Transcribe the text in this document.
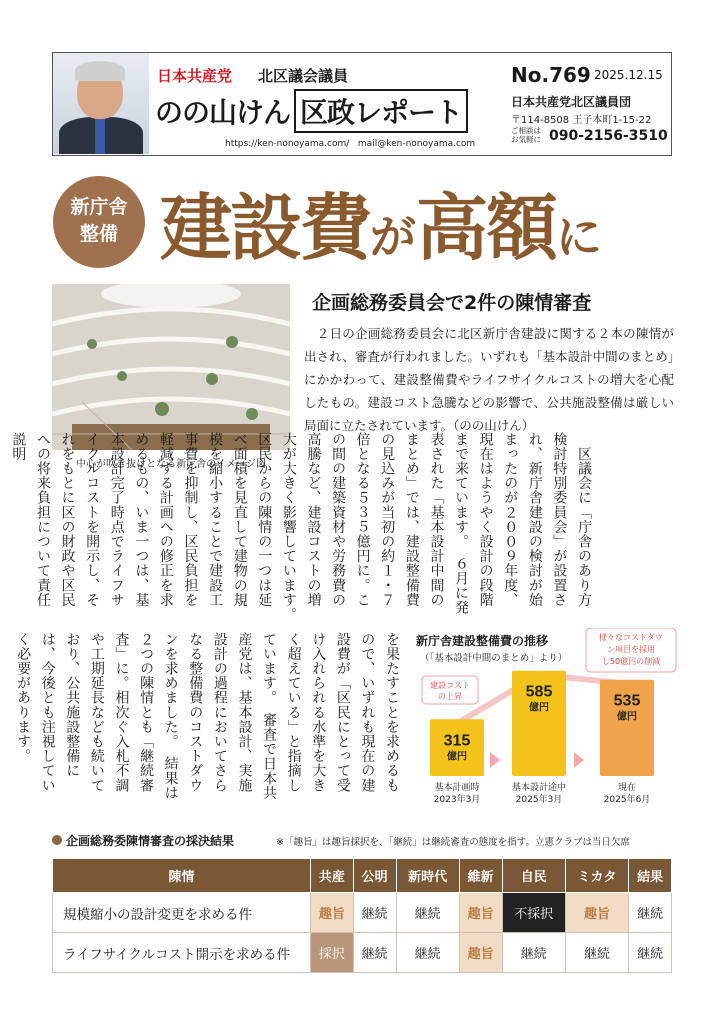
日本共産党 北区議会議員
のの山けん 区政レポート
https://ken-nonoyama.com/ mail@ken-nonoyama.com
No.769 2025.12.15
日本共産党北区議員団
〒114-8508 王子本町1-15-22
ご相談は お気軽に 090-2156-3510
新庁舎
整備 建設費が高額に
中心が吹き抜けとなる新庁舎のイメージ図
企画総務委員会で2件の陳情審査
　２日の企画総務委員会に北区新庁舎建設に関する２本の陳情が出され、審査が行われました。いずれも「基本設計中間のまとめ」にかかわって、建設整備費やライフサイクルコストの増大を心配したもの。建設コスト急騰などの影響で、公共施設整備は厳しい局面に立たされています。（のの山けん）
　区議会に「庁舎のあり方検討特別委員会」が設置され、新庁舎建設の検討が始まったのが２００９年度、現在はようやく設計の段階まで来ています。　６月に発表された「基本設計中間のまとめ」では、建設整備費の見込みが当初の約１・７倍となる５３５億円に。この間の建築資材や労務費の高騰など、建設コストの増大が大きく影響しています。　区民からの陳情の一つは延べ面積を見直して建物の規模を縮小することで建設工事費を抑制し、区民負担を軽減する計画への修正を求めるもの、いま一つは、基本設計完了時点でライフサイクルコストを開示し、それをもとに区の財政や区民への将来負担について責任説明
を果たすことを求めるもので、いずれも現在の建設費が「区民にとって受け入れられる水準を大きく超えている」と指摘しています。　審査で日本共産党は、基本設計、実施設計の過程においてさらなる整備費のコストダウンを求めました。　結果は２つの陳情とも「継続審査」に。相次ぐ入札不調や工期延長なども続いており、公共施設整備には、今後とも注視していく必要があります。	新庁舎建設整備費の推移
（「基本設計中間のまとめ」より）
315
億円
基本計画時
2023年3月
585
億円
基本設計途中
2025年3月
535
億円
現在
2025年6月
建設コスト
の上昇
様々なコストダウ
ン項目を採用
し50億円の削減
企画総務委陳情審査の採決結果	※「趣旨」は趣旨採択を、「継続」は継続審査の態度を指す。立憲クラブは当日欠席
陳情	共産	公明	新時代	維新	自民	ミカタ	結果
規模縮小の設計変更を求める件	趣旨	継続	継続	趣旨	不採択	趣旨	継続
ライフサイクルコスト開示を求める件	採択	継続	継続	趣旨	継続	継続	継続
